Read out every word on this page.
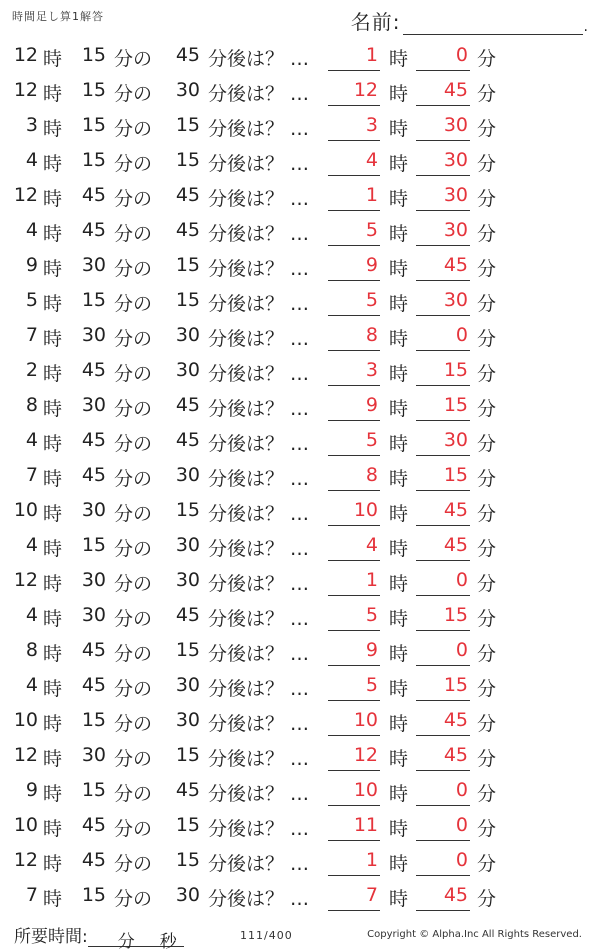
時間足し算1解答	名前:	.
12 時	15 分の	45 分後は？ …	1 時	0 分
12 時	15 分の	30 分後は？ …	12 時	45 分
3 時	15 分の	15 分後は？ …	3 時	30 分
4 時	15 分の	15 分後は？ …	4 時	30 分
12 時	45 分の	45 分後は？ …	1 時	30 分
4 時	45 分の	45 分後は？ …	5 時	30 分
9 時	30 分の	15 分後は？ …	9 時	45 分
5 時	15 分の	15 分後は？ …	5 時	30 分
7 時	30 分の	30 分後は？ …	8 時	0 分
2 時	45 分の	30 分後は？ …	3 時	15 分
8 時	30 分の	45 分後は？ …	9 時	15 分
4 時	45 分の	45 分後は？ …	5 時	30 分
7 時	45 分の	30 分後は？ …	8 時	15 分
10 時	30 分の	15 分後は？ …	10 時	45 分
4 時	15 分の	30 分後は？ …	4 時	45 分
12 時	30 分の	30 分後は？ …	1 時	0 分
4 時	30 分の	45 分後は？ …	5 時	15 分
8 時	45 分の	15 分後は？ …	9 時	0 分
4 時	45 分の	30 分後は？ …	5 時	15 分
10 時	15 分の	30 分後は？ …	10 時	45 分
12 時	30 分の	15 分後は？ …	12 時	45 分
9 時	15 分の	45 分後は？ …	10 時	0 分
10 時	45 分の	15 分後は？ …	11 時	0 分
12 時	45 分の	15 分後は？ …	1 時	0 分
7 時	15 分の	30 分後は？ …	7 時	45 分
所要時間: 分 秒	111/400	Copyright © Alpha.Inc All Rights Reserved.
